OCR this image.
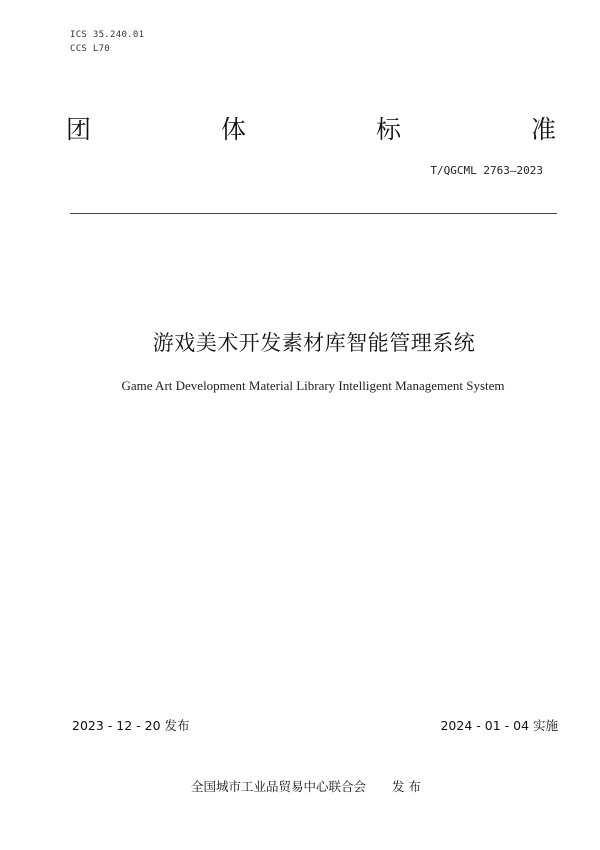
ICS 35.240.01
CCS L70
团	体	标	准
T/QGCML 2763—2023
游戏美术开发素材库智能管理系统
Game Art Development Material Library Intelligent Management System
2023 - 12 - 20 发布	2024 - 01 - 04 实施
全国城市工业品贸易中心联合会 发 布
